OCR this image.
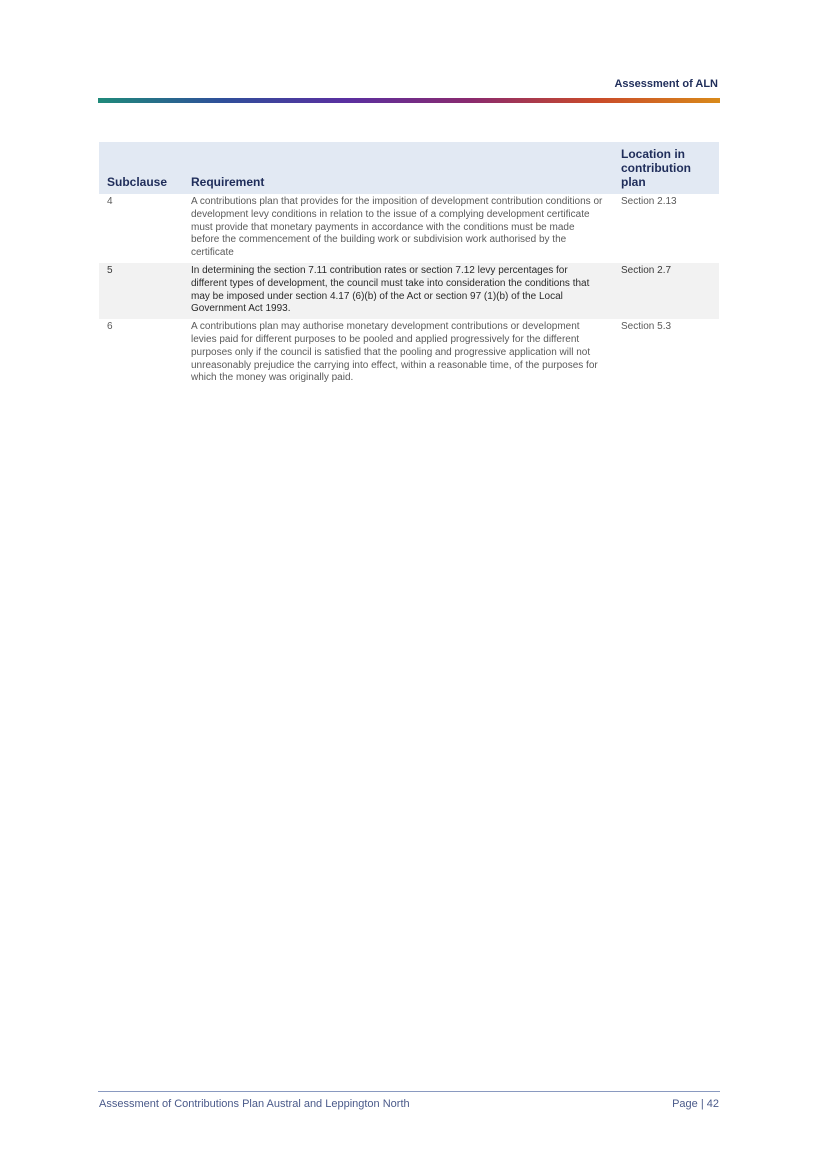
Assessment of ALN
Subclause	Requirement	Location in contribution plan
4	A contributions plan that provides for the imposition of development contribution conditions or development levy conditions in relation to the issue of a complying development certificate must provide that monetary payments in accordance with the conditions must be made before the commencement of the building work or subdivision work authorised by the certificate	Section 2.13
5	In determining the section 7.11 contribution rates or section 7.12 levy percentages for different types of development, the council must take into consideration the conditions that may be imposed under section 4.17 (6)(b) of the Act or section 97 (1)(b) of the Local Government Act 1993.	Section 2.7
6	A contributions plan may authorise monetary development contributions or development levies paid for different purposes to be pooled and applied progressively for the different purposes only if the council is satisfied that the pooling and progressive application will not unreasonably prejudice the carrying into effect, within a reasonable time, of the purposes for which the money was originally paid.	Section 5.3
Assessment of Contributions Plan Austral and Leppington North	Page | 42
